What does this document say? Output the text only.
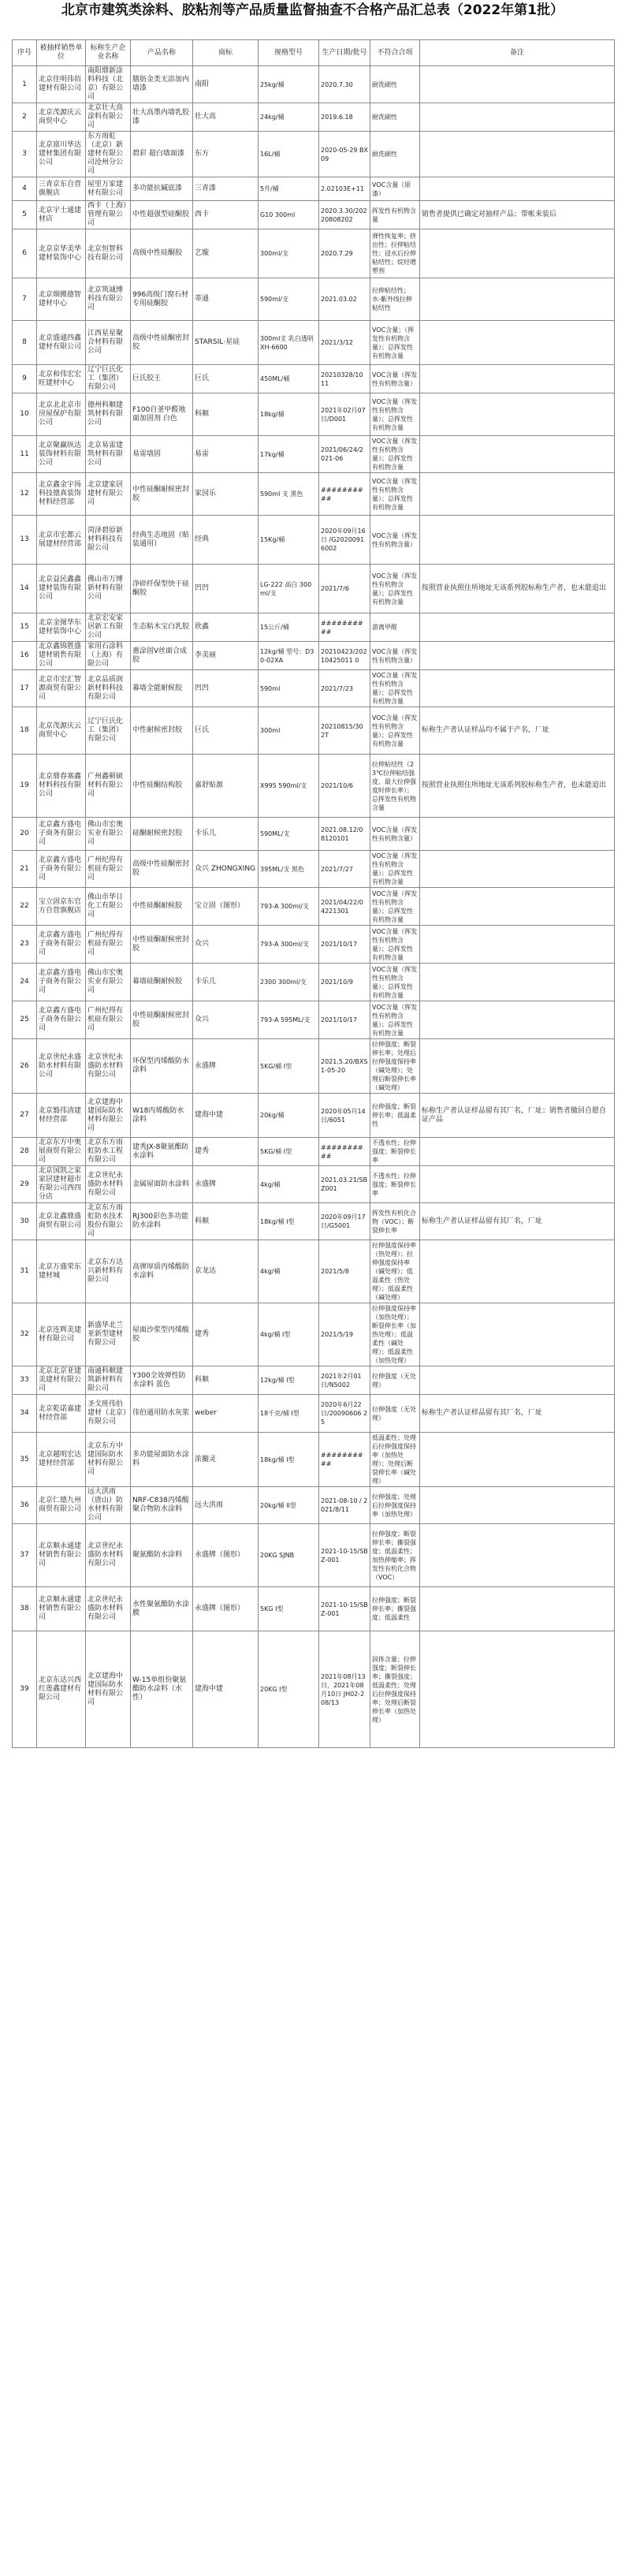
北京市建筑类涂料、胶粘剂等产品质量监督抽查不合格产品汇总表（2022年第1批）
序号	被抽样销售单位	标称生产企业名称	产品名称	商标	规格型号	生产日期/批号	不符合合项	备注
1	北京佳明伟佰建材有限公司	南阳鼎新涂料科技（北京）有限公司	膳肪金类无添加内墙漆	南阳	25kg/桶	2020.7.30	耐洗刷性	
2	北京茂源庆云商贸中心	北京壮大高涂料有限公司	壮大高墨内墙乳胶漆	壮大高	24kg/桶	2019.6.18	耐洗刷性	
3	北京富川华达建材集团有限公司	东方雨虹（北京）新建材有限公司沧州分公司	碧彩 超白墙面漆	东方	16L/桶	2020-05-29 BX09	耐洗刷性	
4	三青京东自营旗舰店	屋里万家建材有限公司	多功能抗碱底漆	三青漆	5升/桶	2.02103E+11	VOC含量（原漆）	
5	北京宇士通建材店	西卡（上海）管理有限公司	中性超强型硅酮胶	西卡	G10 300ml	2020.3.30/20220808202	挥发性有机物含量	销售者提供已确定对抽样产品；带帐来装后
6	北京京华美华建材装饰中心	北京恒智科技有限公司	高级中性硅酮胶	艺璇	300ml/支	2020.7.29	弹性恢复率；挤出性；拉伸粘结性；浸水后拉伸粘结性；烷烃增塑剂	
7	北京烟搬德智建材中心	北京筑诚博科技有限公司	996高级门窗石材专用硅酮胶	蒂通	590ml/支	2021.03.02	拉伸粘结性；水-紫外线拉伸粘结性	
8	北京盛通四鑫建材有限公司	江西星星聚合材料有限公司	高级中性硅酮密封胶	STARSIL·星硅	300ml支 乳白透明 XH-6600	2021/3/12	VOC含量；（挥发性有机物含量）；总挥发性有机物含量	
9	北京和伟宏宏旺建材中心	辽宁巨氏化工（集团）有限公司	巨氏胶王	巨氏	450ML/桶	20210328/10 11	VOC含量（挥发性有机物含量）	
10	北京北北京市房屋保护有限公司	德州科顺建筑材料有限公司	F100自釜甲醛地面加固剂 白色	科顺	18kg/桶	2021年02月07日/D001	VOC含量（挥发性有机物含量）；总挥发性有机物含量	
11	北京聚赢纵达装饰材料有限公司	北京易雷建筑材料有限公司	易雷墙固	易雷	17kg/桶	2021/06/24/2 021-06	VOC含量（挥发性有机物含量）；总挥发性有机物含量	
12	北京鑫金宇扬科技德真装饰材料经营部	北京建家居建材有限公司	中性硅酮耐候密封胶	家园乐	590ml 支 黑色	##########	VOC含量（挥发性有机物含量）；总挥发性有机物含量	
13	北京市宏都云展建材经营部	菏泽碧原新材料科技有限公司	经典生态地固（贴装通用）	经典	15Kg/桶	2020年09月16日 /G20200916002	VOC含量（挥发性有机物含量）	
14	北京益民鑫鑫建材装饰有限公司	佛山市万博新材料有限公司	净碎纤保型快干硅酮胶	凹凹	LG-222 高白 300ml/支	2021/7/6	VOC含量（挥发性有机物含量）；总挥发性有机物含量	按照营业执照住所地址无该系列胶标称生产者，也未能追出
15	北京金图华东建材装饰中心	北京宏安家居新工有限公司	生态粘木宝白乳胶	欣鑫	15公斤/桶	##########	游离甲醛	
16	北京鑫锦胜盛建材销售有限公司	家用石涂料（上海）有限公司	惠涂固V丝面合成胶	李美丽	12kg/桶 型号：D30-02XA	20210423/20210425011 0	VOC含量（挥发性有机物含量）	
17	北京市宏汇智源商贸有限公司	北京品质润新材料科技有限公司	幕墙全能耐候胶	凹凹	590ml	2021/7/23	VOC含量（挥发性有机物含量）；总挥发性有机物含量	
18	北京茂源庆云商贸中心	辽宁巨氏化工（集团）有限公司	中性耐候密封胶	巨氏	300ml	20210815/30 2T	VOC含量（挥发性有机物含量）；总挥发性有机物含量	标称生产者认证样品均不属于产名，厂址
19	北京鼎春塞鑫材料科技有限公司	广州鑫顿硕材料有限公司	中性硅酮结构胶	嘉舒贴源	X995 590ml/支	2021/10/6	拉伸粘结性（23℃拉伸粘结强度、最大拉伸强度时伸长率）；总挥发性有机物含量	按照营业执照住所地址无该系列胶标称生产者，也未能追出
20	北京鑫方盛电子商务有限公司	佛山市宏奥实业有限公司	硅酮耐候密封胶	卡乐儿	590ML/支	2021.08.12/0 8120101	VOC含量（挥发性有机物含量）	
21	北京鑫方盛电子商务有限公司	广州纪得有机硅有限公司	高级中性硅酮密封胶	众兴 ZHONGXING	395ML/支 黑色	2021/7/27	VOC含量（挥发性有机物含量）；总挥发性有机物含量	
22	宝立固京东官方自营旗舰店	佛山市华日化工有限公司	中性硅酮耐候胶	宝立固（图形）	793-A 300ml/支	2021/04/22/0 4221301	VOC含量（挥发性有机物含量）；总挥发性有机物含量	
23	北京鑫方盛电子商务有限公司	广州纪得有机硅有限公司	中性硅酮耐候密封胶	众兴	793-A 300ml/支	2021/10/17	VOC含量（挥发性有机物含量）；总挥发性有机物含量	
24	北京鑫方盛电子商务有限公司	佛山市宏奥实业有限公司	幕墙硅酮耐候胶	卡乐儿	2300 300ml/支	2021/10/9	VOC含量（挥发性有机物含量）；总挥发性有机物含量	
25	北京鑫方盛电子商务有限公司	广州纪得有机硅有限公司	中性硅酮耐候密封胶	众兴	793-A 595ML/支	2021/10/17	VOC含量（挥发性有机物含量）；总挥发性有机物含量	
26	北京世纪永盛防水材料有限公司	北京世纪永盛防水材料有限公司	环保型丙烯酸防水涂料	永盛牌	5KG/桶 I型	2021.5.20/BXS1-05-20	拉伸强度；断裂伸长率；处理后拉伸强度保持率（碱处理）；处理后断裂伸长率（碱处理）	
27	北京豁伟清建材经营部	北京建海中建国际防水材料有限公司	W18丙烯酸防水涂料	建海中建	20kg/桶	2020年05月14日/6051	拉伸强度；断裂伸长率；低温柔性	标称生产者认证样品留有其厂名，厂址；销售者撤回自愿自证产品
28	北京东方中奥展商贸有限公司	北京东方雨虹防水工程有限公司	建秀JX-8聚氨酯防水涂料	建秀	5KG/桶 I型	##########	不透水性；拉伸强度；断裂伸长率	
29	北京国凯之家家居建材超市有限公司西四分店	北京世纪永盛防水材料有限公司	金属屋面防水涂料	永盛牌	4kg/桶	2021.03.21/SBZ001	不透水性；拉伸强度；断裂伸长率	
30	北京北鑫鼎盛商贸有限公司	北京东方雨虹防水技术股份有限公司	RJ300彩色多功能防水涂料	科顺	18kg/桶 I型	2020年09月17日/G5001	挥发性有机化合物（VOC）；断裂伸长率	标称生产者认证样品留有其厂名，厂址
31	北京万盛荣东建材城	北京东方达兴新材料有限公司	高弹厚质丙烯酸防水涂料	京龙达	4kg/桶	2021/5/8	拉伸强度保持率（热处理）；拉伸强度保持率（碱处理）；低温柔性（热处理）；低温柔性（碱处理）	
32	北京连辉美建材有限公司	新盛华北兰亚新型建材有限公司	屋面沙浆型丙烯酸胶	建秀	4kg/桶 I型	2021/5/19	拉伸强度保持率（加热处理）；断裂伸长率（加热处理）；低温柔性（碱处理）；低温柔性（加热处理）	
33	北京北京亚建美建材有限公司	南通科顺建筑新材料有限公司	Y300全效弹性防水涂料 蓝色	科顺	12kg/桶 I型	2021年2月01日/N5002	拉伸强度（无处理）	
34	北京乾诺嘉建材经营部	圣戈班伟伯建材（北京）有限公司	伟伯通用防水灰浆	weber	18千克/桶 I型	2020年6月22日/20090606 25	拉伸强度（无处理）	标称生产者认证样品留有其厂名，厂址
35	北京越明宏达建材经营部	北京东方中建国际防水材料有限公司	多功能屋面防水涂料	浓髓灵	18kg/桶 I型	##########	低温柔性；处理后拉伸强度保持率（加热处理）；处理后断裂伸长率（碱处理）	
36	北京仁德九州商贸有限公司	远大洪雨（唐山）防水材料有限公司	NRF-C838丙烯酸聚合物防水涂料	远大洪雨	20kg/桶 II型	2021-08-10 / 2021/8/11	拉伸强度；处理后拉伸强度保持率（加热处理）	
37	北京顺永通建材销售有限公司	北京世纪永盛防水材料有限公司	聚氨酯防水涂料	永盛牌（图形）	20KG SJNB	2021-10-15/SBZ-001	拉伸强度；断裂伸长率；撕裂强度；低温柔性；加热伸缩率；挥发性有机化合物（VOC）	
38	北京顺永通建材销售有限公司	北京世纪永盛防水材料有限公司	水性聚氨酯防水涂膜	永盛牌（图形）	5KG I型	2021-10-15/SBZ-001	拉伸强度；断裂伸长率；撕裂强度；低温柔性	
39	北京东达兴西红莲鑫建材有限公司	北京建海中建国际防水材料有限公司	W-15单组份聚氨酯防水涂料（水性）	建海中建	20KG I型	2021年08月13日，2021年08月10日 JH02-2 08/13	固体含量；拉伸强度；断裂伸长率；撕裂强度；低温柔性；处理后拉伸强度保持率；处理后断裂伸长率（加热处理）	
